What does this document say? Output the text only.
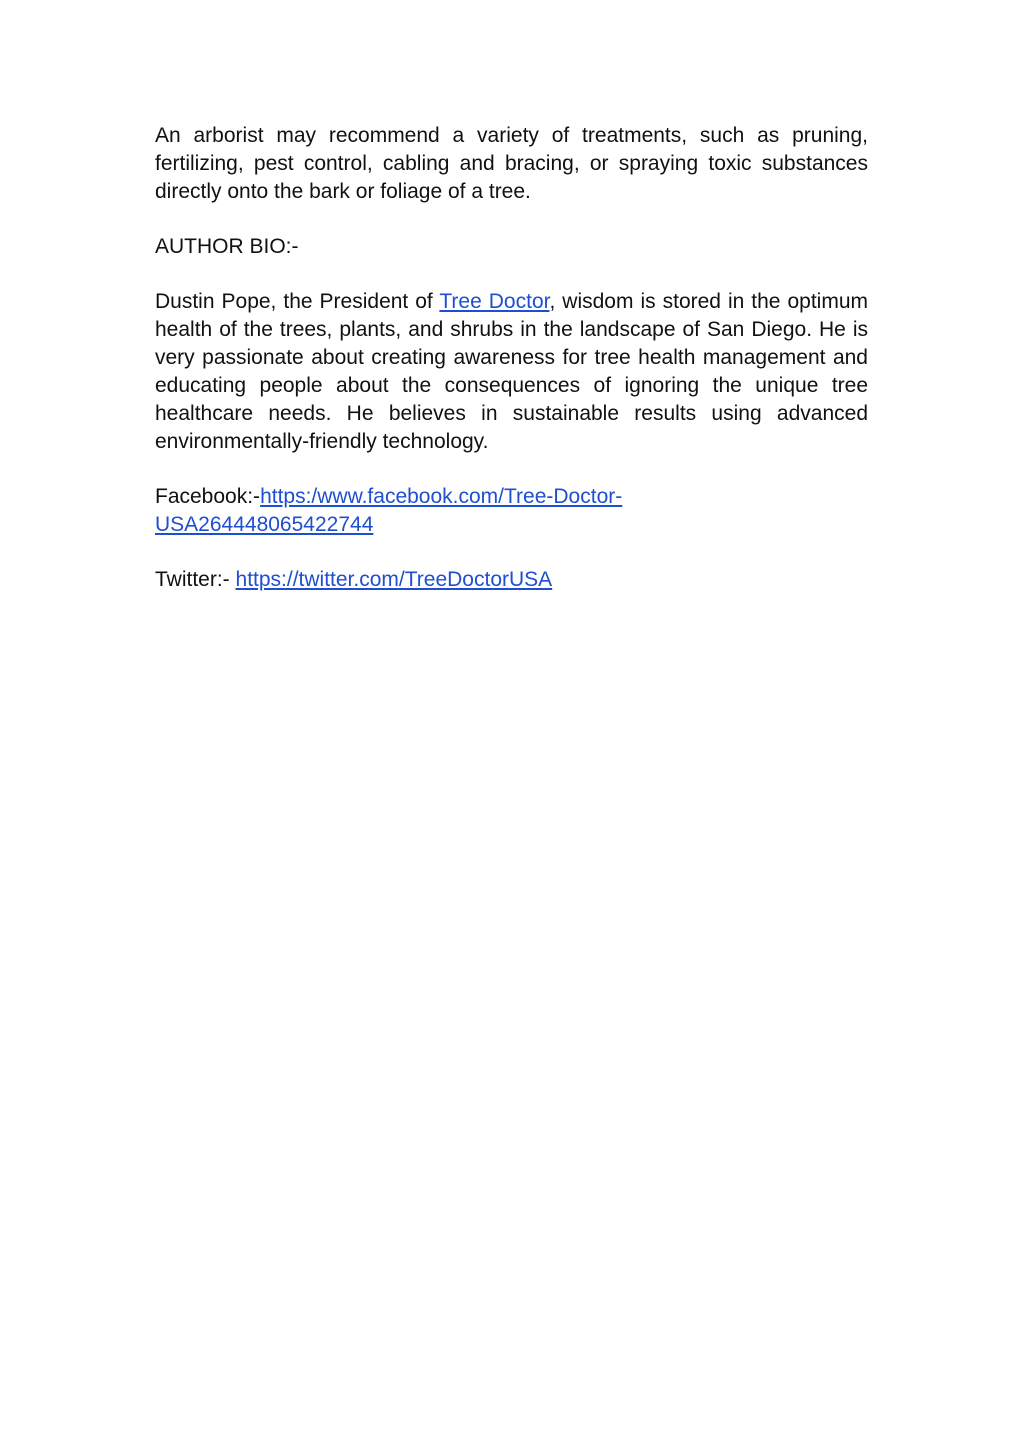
An arborist may recommend a variety of treatments, such as pruning, fertilizing, pest control, cabling and bracing, or spraying toxic substances directly onto the bark or foliage of a tree.

AUTHOR BIO:-

Dustin Pope, the President of Tree Doctor, wisdom is stored in the optimum health of the trees, plants, and shrubs in the landscape of San Diego. He is very passionate about creating awareness for tree health management and educating people about the consequences of ignoring the unique tree healthcare needs. He believes in sustainable results using advanced environmentally-friendly technology.

Facebook:-https:/www.facebook.com/Tree-Doctor-
USA264448065422744

Twitter:- https://twitter.com/TreeDoctorUSA
